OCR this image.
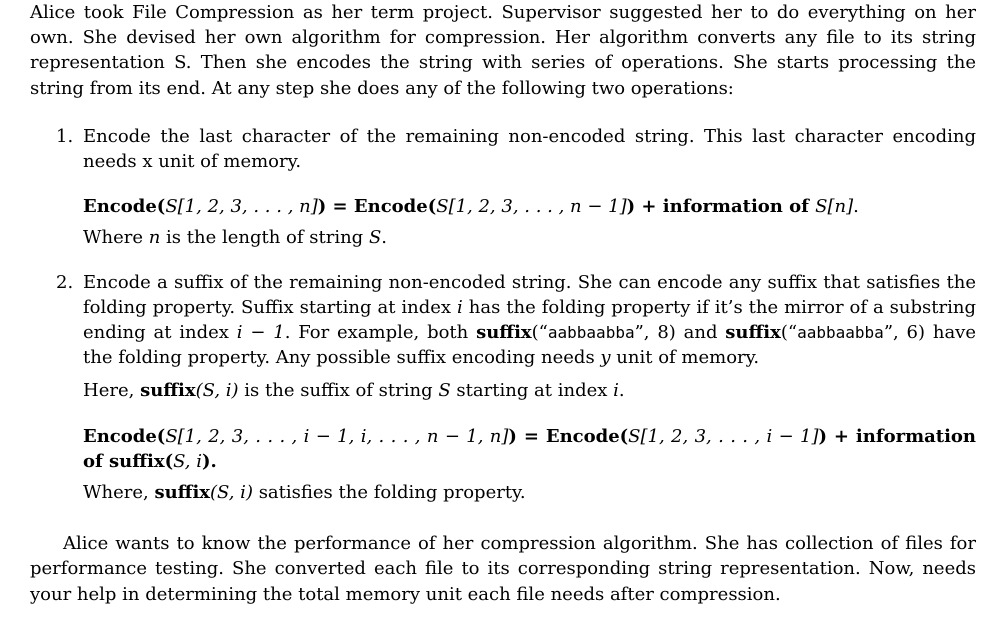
Alice took File Compression as her term project. Supervisor suggested her to do everything on her own. She devised her own algorithm for compression. Her algorithm converts any file to its string representation S. Then she encodes the string with series of operations. She starts processing the string from its end. At any step she does any of the following two operations:

1. Encode the last character of the remaining non-encoded string. This last character encoding needs x unit of memory.

Encode(S[1, 2, 3, . . . , n]) = Encode(S[1, 2, 3, . . . , n − 1]) + information of S[n].

Where n is the length of string S.

2. Encode a suffix of the remaining non-encoded string. She can encode any suffix that satisfies the folding property. Suffix starting at index i has the folding property if it’s the mirror of a substring ending at index i − 1. For example, both suffix(“aabbaabba”, 8) and suffix(“aabbaabba”, 6) have the folding property. Any possible suffix encoding needs y unit of memory.

Here, suffix(S, i) is the suffix of string S starting at index i.

Encode(S[1, 2, 3, . . . , i − 1, i, . . . , n − 1, n]) = Encode(S[1, 2, 3, . . . , i − 1]) + information of suffix(S, i).

Where, suffix(S, i) satisfies the folding property.

Alice wants to know the performance of her compression algorithm. She has collection of files for performance testing. She converted each file to its corresponding string representation. Now, needs your help in determining the total memory unit each file needs after compression.
